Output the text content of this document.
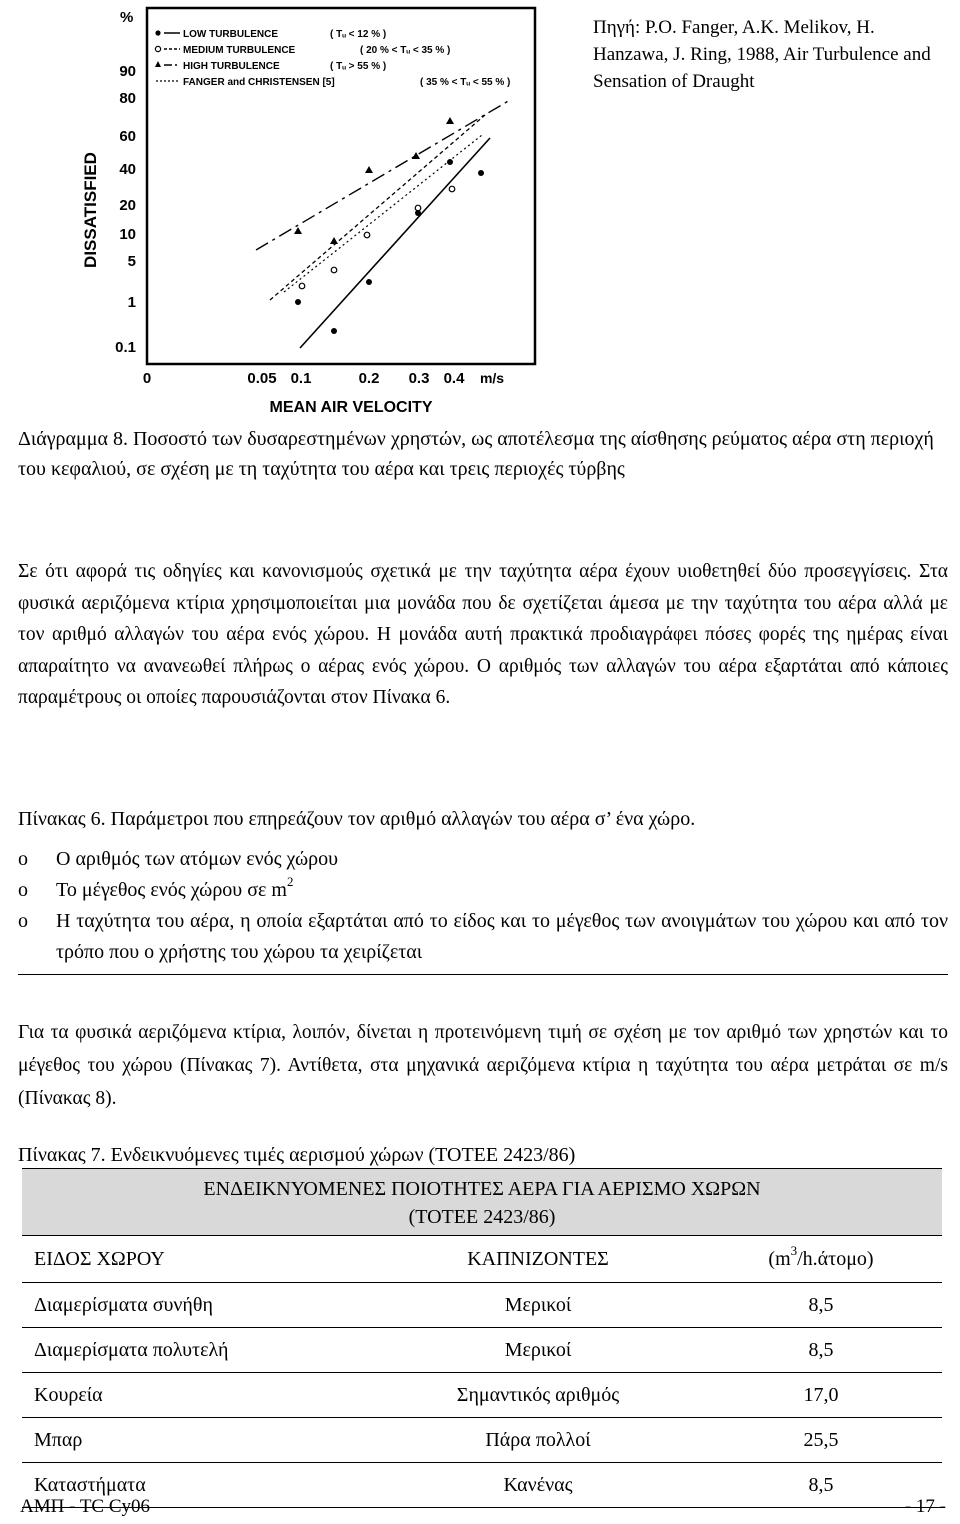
%
90
80
60
40
20
10
5
1
0.1
DISSATISFIED
0	0.05 0.1	0.2 0.3 0.4 m/s
MEAN AIR VELOCITY
LOW TURBULENCE	( Tᵤ < 12 % )
MEDIUM TURBULENCE	( 20 % < Tᵤ < 35 % )
HIGH TURBULENCE	( Tᵤ > 55 % )
FANGER and CHRISTENSEN [5]	( 35 % < Tᵤ < 55 % )
Πηγή: P.O. Fanger, A.K. Melikov, H. Hanzawa, J. Ring, 1988, Air Turbulence and Sensation of Draught
Διάγραμμα 8. Ποσοστό των δυσαρεστημένων χρηστών, ως αποτέλεσμα της αίσθησης ρεύματος αέρα στη περιοχή του κεφαλιού, σε σχέση με τη ταχύτητα του αέρα και τρεις περιοχές τύρβης
Σε ότι αφορά τις οδηγίες και κανονισμούς σχετικά με την ταχύτητα αέρα έχουν υιοθετηθεί δύο προσεγγίσεις. Στα φυσικά αεριζόμενα κτίρια χρησιμοποιείται μια μονάδα που δε σχετίζεται άμεσα με την ταχύτητα του αέρα αλλά με τον αριθμό αλλαγών του αέρα ενός χώρου. Η μονάδα αυτή πρακτικά προδιαγράφει πόσες φορές της ημέρας είναι απαραίτητο να ανανεωθεί πλήρως ο αέρας ενός χώρου. Ο αριθμός των αλλαγών του αέρα εξαρτάται από κάποιες παραμέτρους οι οποίες παρουσιάζονται στον Πίνακα 6.
Πίνακας 6. Παράμετροι που επηρεάζουν τον αριθμό αλλαγών του αέρα σ’ ένα χώρο.
o	Ο αριθμός των ατόμων ενός χώρου
o	Το μέγεθος ενός χώρου σε $m^2$
o	Η ταχύτητα του αέρα, η οποία εξαρτάται από το είδος και το μέγεθος των ανοιγμάτων του χώρου και από τον τρόπο που ο χρήστης του χώρου τα χειρίζεται
Για τα φυσικά αεριζόμενα κτίρια, λοιπόν, δίνεται η προτεινόμενη τιμή σε σχέση με τον αριθμό των χρηστών και το μέγεθος του χώρου (Πίνακας 7). Αντίθετα, στα μηχανικά αεριζόμενα κτίρια η ταχύτητα του αέρα μετράται σε m/s (Πίνακας 8).
Πίνακας 7. Ενδεικνυόμενες τιμές αερισμού χώρων (ΤΟΤΕΕ 2423/86)
ΕΝΔΕΙΚΝΥΟΜΕΝΕΣ ΠΟΙΟΤΗΤΕΣ ΑΕΡΑ ΓΙΑ ΑΕΡΙΣΜΟ ΧΩΡΩΝ
(ΤΟΤΕΕ 2423/86)		

ΕΙΔΟΣ ΧΩΡΟΥ	ΚΑΠΝΙΖΟΝΤΕΣ	$(m^3/h.ά\tau o\mu o)$
Διαμερίσματα συνήθη	Μερικοί	8,5
Διαμερίσματα πολυτελή	Μερικοί	8,5
Κουρεία	Σημαντικός αριθμός	17,0
Μπαρ	Πάρα πολλοί	25,5
Καταστήματα	Κανένας	8,5
ΑΜΠ - ΤC Cy06	- 17 -
